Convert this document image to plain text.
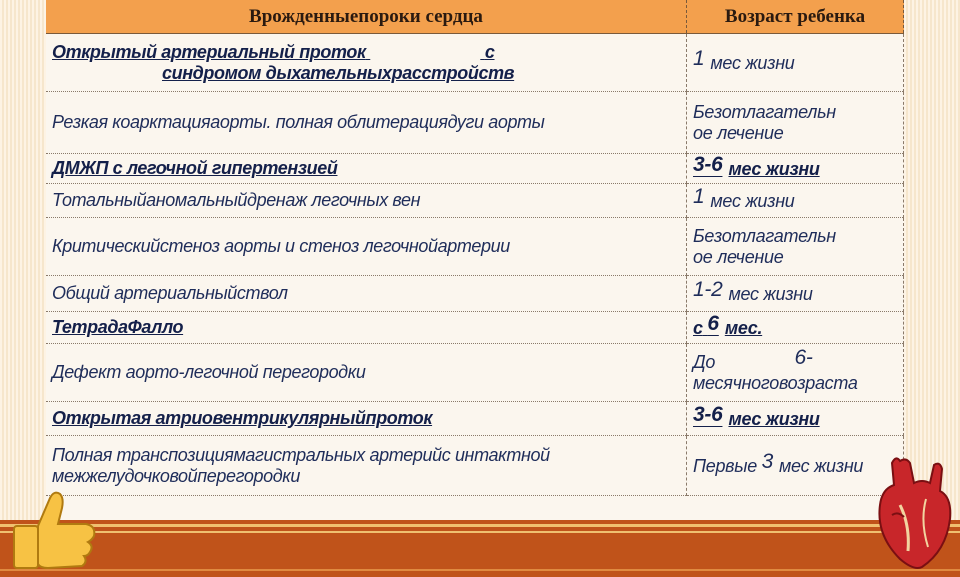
Врожденныепороки сердца	Возраст ребенка
Открытый артериальный проток с
синдромом дыхательныхрасстройств	1 мес жизни
Резкая коарктацияаорты. полная облитерациядуги аорты	Безотлагательн
ое лечение
ДМЖП с легочной гипертензией	3-6 мес жизни
Тотальныйаномальныйдренаж легочных вен	1 мес жизни
Критическийстеноз аорты и стеноз легочнойартерии	Безотлагательн
ое лечение
Общий артериальныйствол	1-2 мес жизни
ТетрадаФалло	с 6 мес.
Дефект аорто-легочной перегородки	До 6-
месячноговозраста
Открытая атриовентрикулярныйпроток	3-6 мес жизни
Полная транспозициямагистральных артерийс интактной
межжелудочковойперегородки	Первые 3 мес жизни
